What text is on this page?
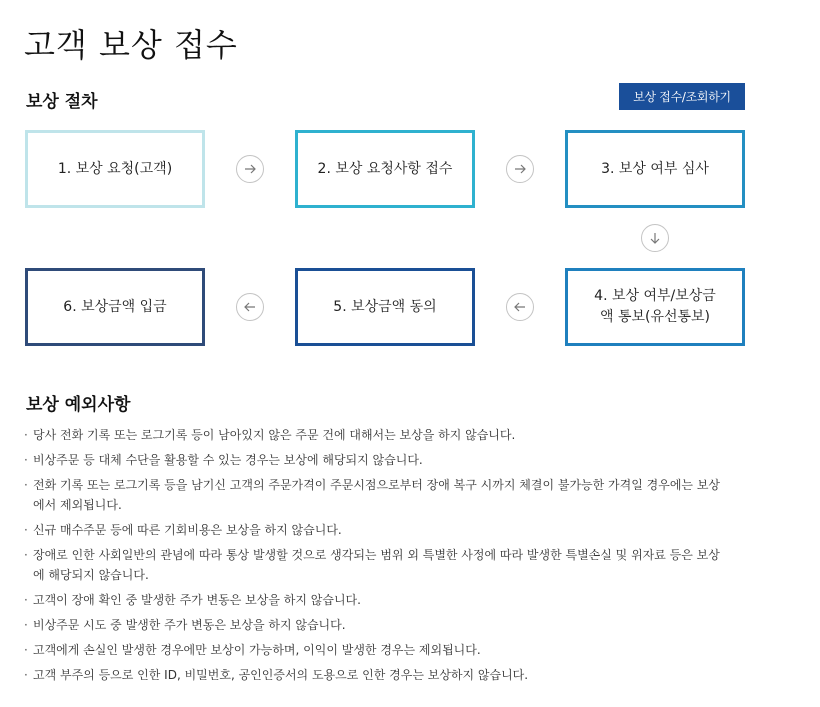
고객 보상 접수
보상 절차	보상 접수/조회하기
1. 보상 요청(고객)	2. 보상 요청사항 접수	3. 보상 여부 심사
6. 보상금액 입금	5. 보상금액 동의
4. 보상 여부/보상금액 통보(유선통보)
보상 예외사항
· 당사 전화 기록 또는 로그기록 등이 남아있지 않은 주문 건에 대해서는 보상을 하지 않습니다.
· 비상주문 등 대체 수단을 활용할 수 있는 경우는 보상에 해당되지 않습니다.
· 전화 기록 또는 로그기록 등을 남기신 고객의 주문가격이 주문시점으로부터 장애 복구 시까지 체결이 불가능한 가격일 경우에는 보상에서 제외됩니다.
· 신규 매수주문 등에 따른 기회비용은 보상을 하지 않습니다.
· 장애로 인한 사회일반의 관념에 따라 통상 발생할 것으로 생각되는 범위 외 특별한 사정에 따라 발생한 특별손실 및 위자료 등은 보상에 해당되지 않습니다.
· 고객이 장애 확인 중 발생한 주가 변동은 보상을 하지 않습니다.
· 비상주문 시도 중 발생한 주가 변동은 보상을 하지 않습니다.
· 고객에게 손실인 발생한 경우에만 보상이 가능하며, 이익이 발생한 경우는 제외됩니다.
· 고객 부주의 등으로 인한 ID, 비밀번호, 공인인증서의 도용으로 인한 경우는 보상하지 않습니다.
